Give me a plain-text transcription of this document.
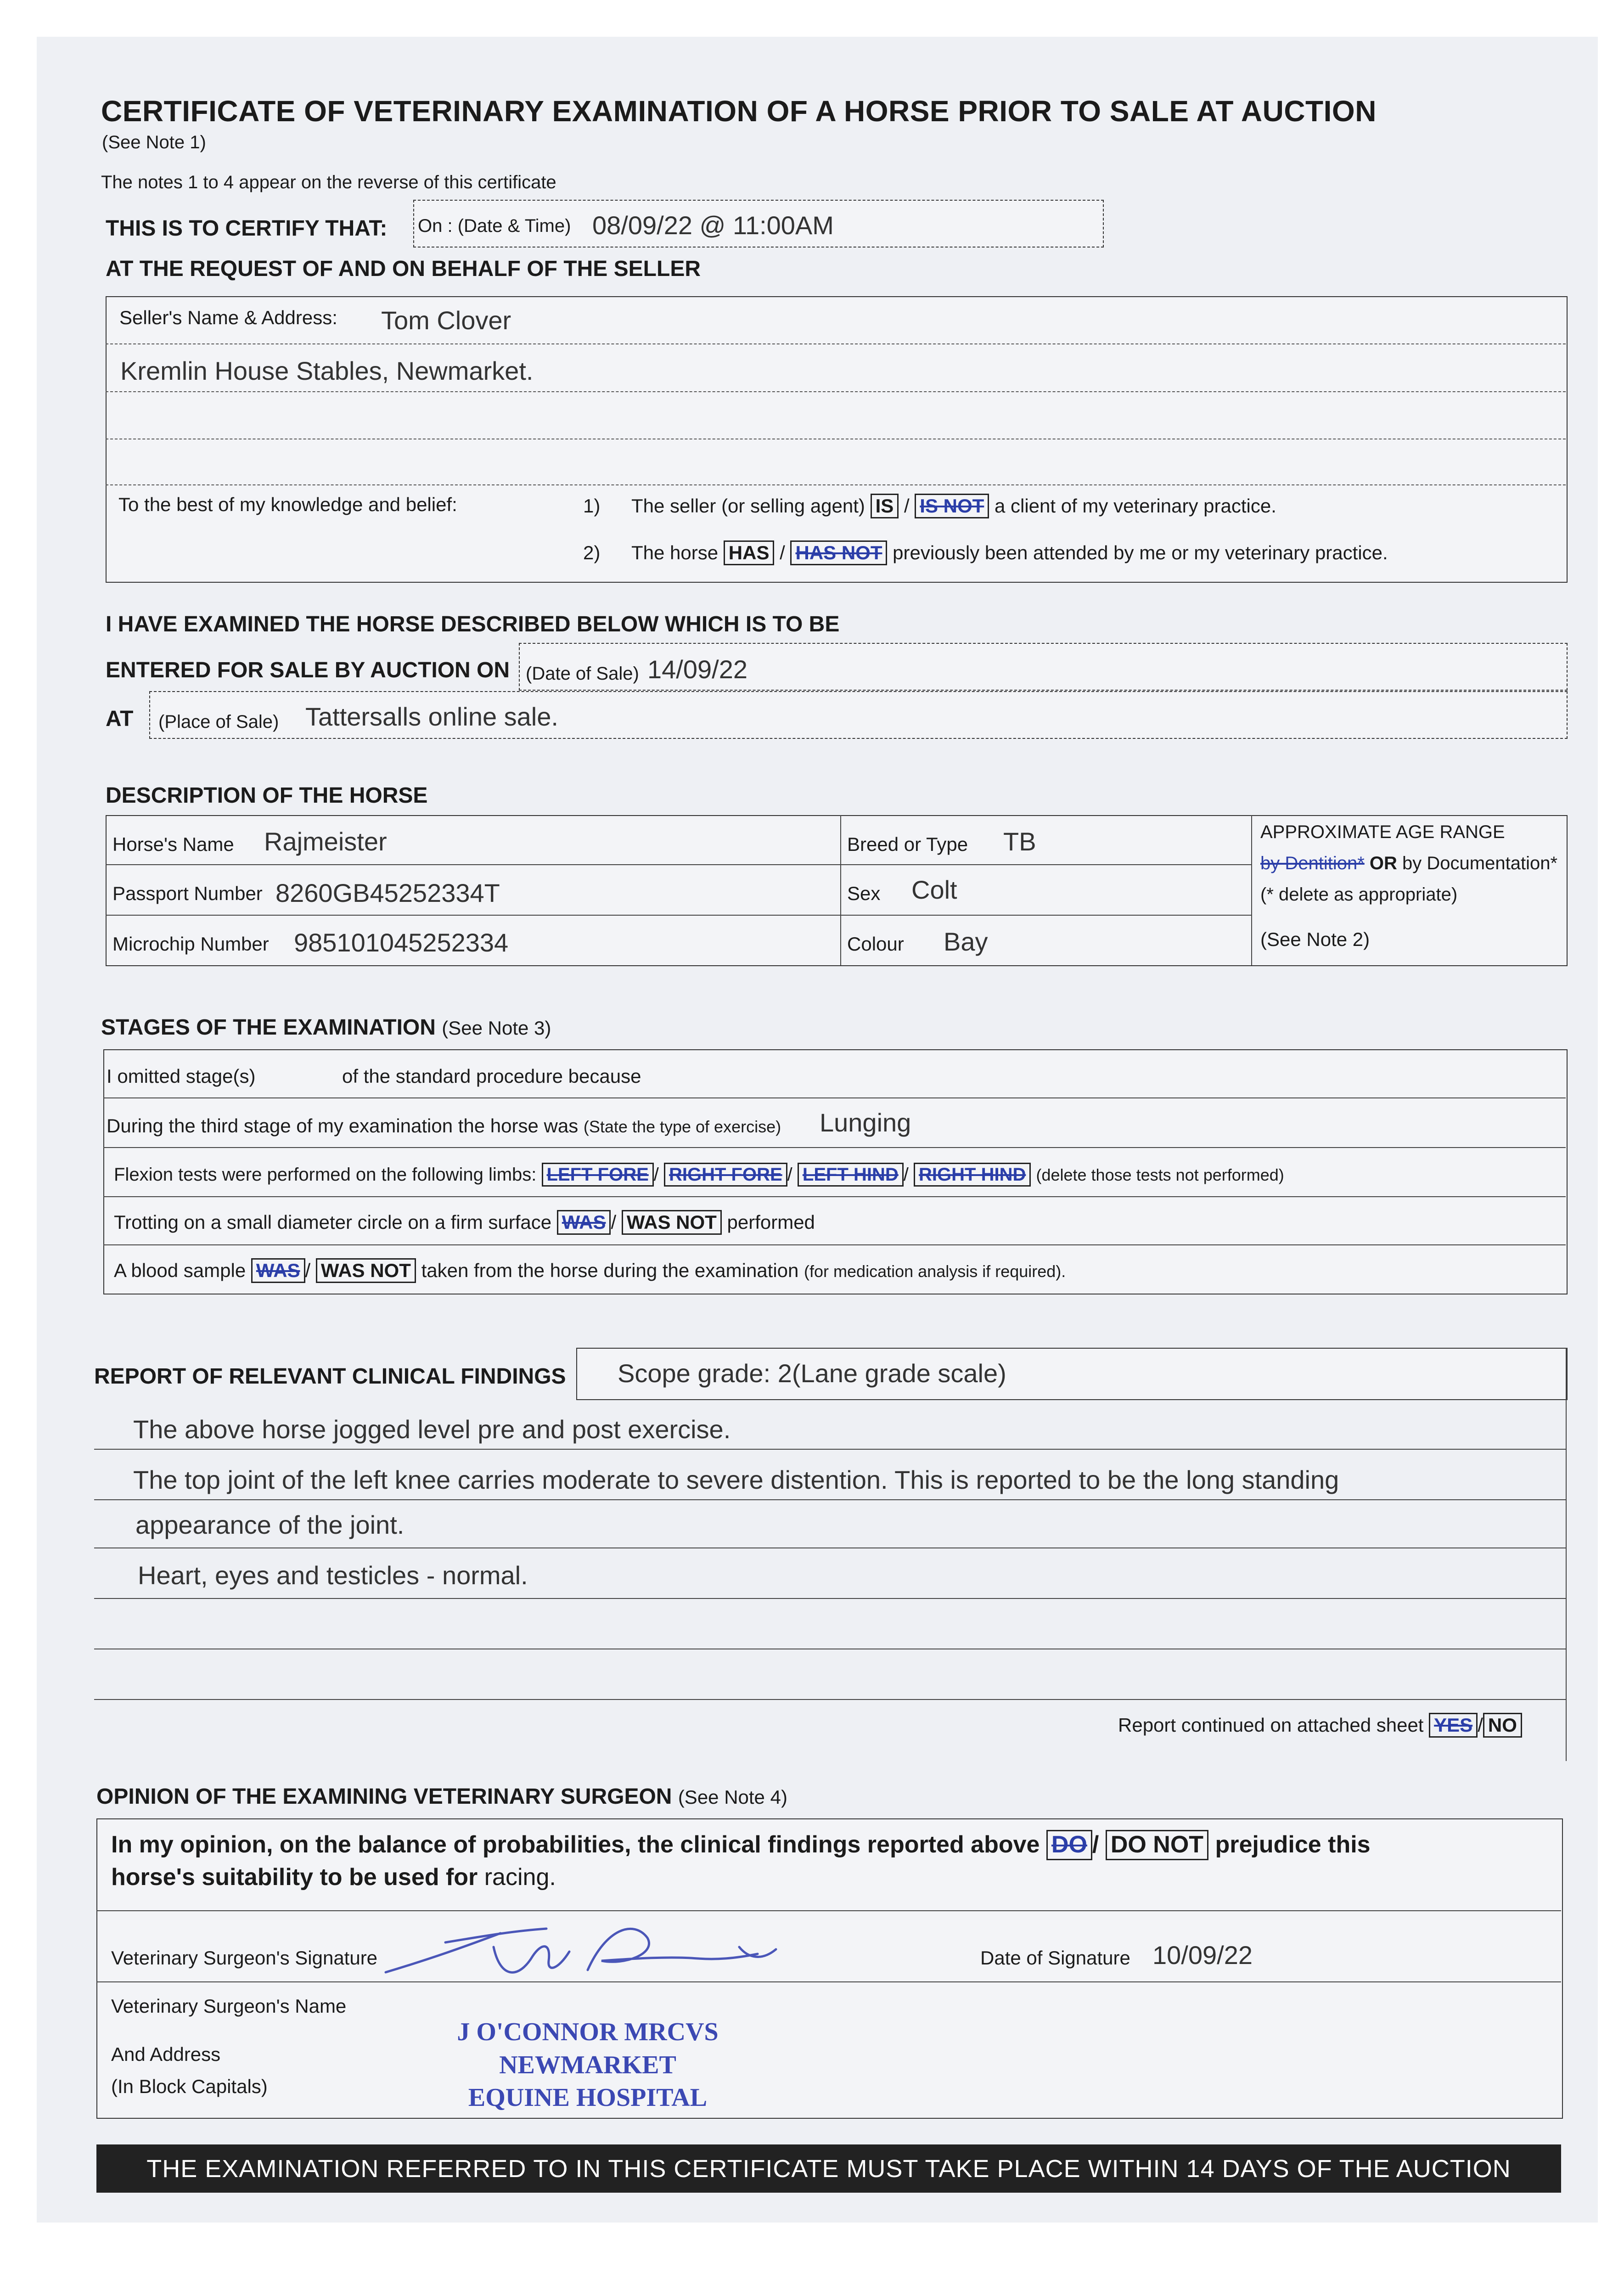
CERTIFICATE OF VETERINARY EXAMINATION OF A HORSE PRIOR TO SALE AT AUCTION
(See Note 1)
The notes 1 to 4 appear on the reverse of this certificate
THIS IS TO CERTIFY THAT: On : (Date & Time) 08/09/22 @ 11:00AM
AT THE REQUEST OF AND ON BEHALF OF THE SELLER
Seller's Name & Address: Tom Clover
Kremlin House Stables, Newmarket.
To the best of my knowledge and belief:	1) The seller (or selling agent) IS / IS NOT a client of my veterinary practice.
2) The horse HAS / HAS NOT previously been attended by me or my veterinary practice.
I HAVE EXAMINED THE HORSE DESCRIBED BELOW WHICH IS TO BE
ENTERED FOR SALE BY AUCTION ON (Date of Sale) 14/09/22
AT (Place of Sale) Tattersalls online sale.
DESCRIPTION OF THE HORSE
Horse's Name Rajmeister
Passport Number 8260GB45252334T
Microchip Number 985101045252334
Breed or Type TB
Sex Colt
Colour Bay
APPROXIMATE AGE RANGE
by Dentition* OR by Documentation*
(* delete as appropriate)
(See Note 2)
STAGES OF THE EXAMINATION (See Note 3)
I omitted stage(s)	of the standard procedure because
During the third stage of my examination the horse was (State the type of exercise) Lunging
Flexion tests were performed on the following limbs: LEFT FORE / RIGHT FORE / LEFT HIND / RIGHT HIND (delete those tests not performed)
Trotting on a small diameter circle on a firm surface WAS / WAS NOT performed
A blood sample WAS / WAS NOT taken from the horse during the examination (for medication analysis if required).
REPORT OF RELEVANT CLINICAL FINDINGS Scope grade: 2(Lane grade scale)
The above horse jogged level pre and post exercise.
The top joint of the left knee carries moderate to severe distention. This is reported to be the long standing
appearance of the joint.
Heart, eyes and testicles - normal.
Report continued on attached sheet YES / NO
OPINION OF THE EXAMINING VETERINARY SURGEON (See Note 4)
In my opinion, on the balance of probabilities, the clinical findings reported above DO / DO NOT prejudice this
horse's suitability to be used for racing.
Veterinary Surgeon's Signature	Date of Signature 10/09/22
Veterinary Surgeon's Name
And Address
(In Block Capitals)
J O'CONNOR MRCVS
NEWMARKET
EQUINE HOSPITAL
THE EXAMINATION REFERRED TO IN THIS CERTIFICATE MUST TAKE PLACE WITHIN 14 DAYS OF THE AUCTION
